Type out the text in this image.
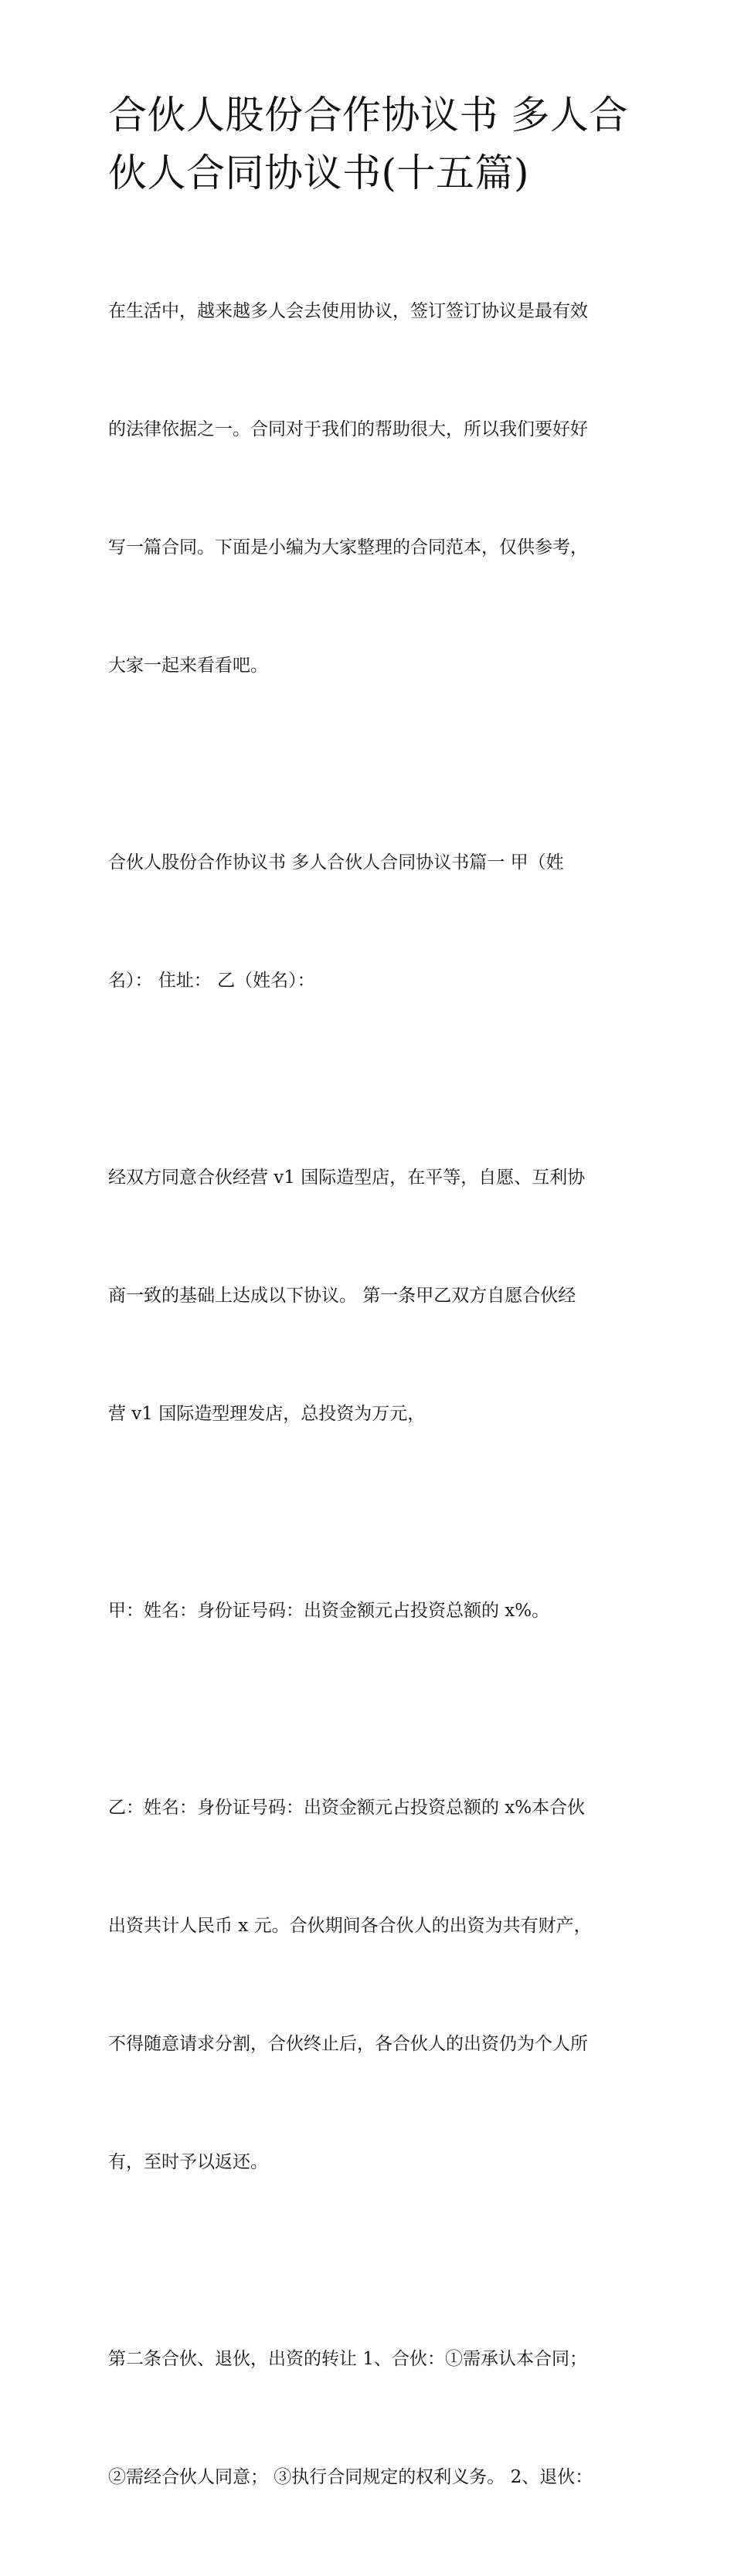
合伙人股份合作协议书 多人合
伙人合同协议书(十五篇)

在生活中，越来越多人会去使用协议，签订签订协议是最有效

的法律依据之一。合同对于我们的帮助很大，所以我们要好好

写一篇合同。下面是小编为大家整理的合同范本，仅供参考，

大家一起来看看吧。

合伙人股份合作协议书 多人合伙人合同协议书篇一 甲（姓

名）： 住址： 乙（姓名）：

经双方同意合伙经营 v1 国际造型店，在平等，自愿、互利协

商一致的基础上达成以下协议。 第一条甲乙双方自愿合伙经

营 v1 国际造型理发店，总投资为万元，

甲：姓名：身份证号码：出资金额元占投资总额的 x%。

乙：姓名：身份证号码：出资金额元占投资总额的 x%本合伙

出资共计人民币 x 元。合伙期间各合伙人的出资为共有财产，

不得随意请求分割，合伙终止后，各合伙人的出资仍为个人所

有，至时予以返还。

第二条合伙、退伙，出资的转让 1、合伙：①需承认本合同；

②需经合伙人同意； ③执行合同规定的权利义务。 2、退伙：
